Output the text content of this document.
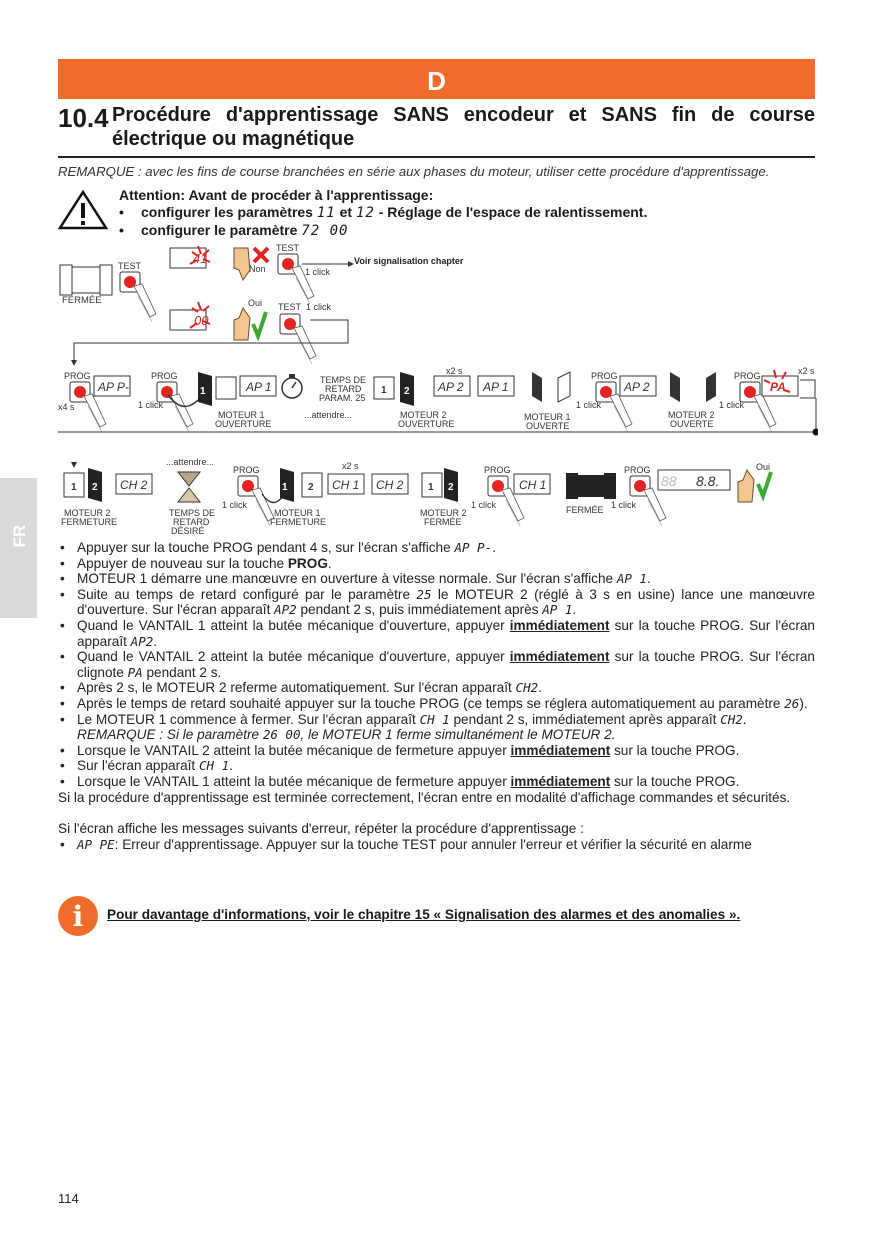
D
FR
10.4 Procédure d'apprentissage SANS encodeur et SANS fin de course électrique ou magnétique
REMARQUE : avec les fins de course branchées en série aux phases du moteur, utiliser cette procédure d'apprentissage.
Attention: Avant de procéder à l'apprentissage:
• configurer les paramètres 11 et 12 - Réglage de l'espace de ralentissement.
• configurer le paramètre 72 00
FERMÉE
TEST	41
Non
TEST
1 click
Voir signalisation chapter
00
Oui TEST 1 click
PROG
x4 s
AP P-
PROG
1 click
1	AP 1
MOTEUR 1
OUVERTURE
TEMPS DE
RETARD
PARAM. 25
...attendre...
1 2
x2 s
AP 2 AP 1
MOTEUR 2
OUVERTURE
MOTEUR 1
OUVERTE
PROG
1 click
AP 2
MOTEUR 2
OUVERTE
PROG
1 click
PA
x2 s
1 2 CH 2
MOTEUR 2
FERMETURE
...attendre...
TEMPS DE
RETARD
DÉSIRÉ
PROG
1 click
1 2
x2 s
CH 1 CH 2
MOTEUR 1
FERMETURE
1 2
MOTEUR 2
FERMÉE
PROG
1 click
CH 1
FERMÉE
PROG
1 click
88 8.8.
Oui
• Appuyer sur la touche PROG pendant 4 s, sur l'écran s'affiche AP P-.
• Appuyer de nouveau sur la touche PROG.
• MOTEUR 1 démarre une manœuvre en ouverture à vitesse normale. Sur l'écran s'affiche AP 1.
• Suite au temps de retard configuré par le paramètre 25 le MOTEUR 2 (réglé à 3 s en usine) lance une manœuvre d'ouverture. Sur l'écran apparaît AP2 pendant 2 s, puis immédiatement après AP 1.
• Quand le VANTAIL 1 atteint la butée mécanique d'ouverture, appuyer immédiatement sur la touche PROG. Sur l'écran apparaît AP2.
• Quand le VANTAIL 2 atteint la butée mécanique d'ouverture, appuyer immédiatement sur la touche PROG. Sur l'écran clignote PA pendant 2 s.
• Après 2 s, le MOTEUR 2 referme automatiquement. Sur l'écran apparaît CH2.
• Après le temps de retard souhaité appuyer sur la touche PROG (ce temps se réglera automatiquement au paramètre 26).
• Le MOTEUR 1 commence à fermer. Sur l'écran apparaît CH 1 pendant 2 s, immédiatement après apparaît CH2.
REMARQUE : Si le paramètre 26 00, le MOTEUR 1 ferme simultanément le MOTEUR 2.
• Lorsque le VANTAIL 2 atteint la butée mécanique de fermeture appuyer immédiatement sur la touche PROG.
• Sur l'écran apparaît CH 1.
• Lorsque le VANTAIL 1 atteint la butée mécanique de fermeture appuyer immédiatement sur la touche PROG.
Si la procédure d'apprentissage est terminée correctement, l'écran entre en modalité d'affichage commandes et sécurités.
Si l'écran affiche les messages suivants d'erreur, répéter la procédure d'apprentissage :
• AP PE: Erreur d'apprentissage. Appuyer sur la touche TEST pour annuler l'erreur et vérifier la sécurité en alarme
i	Pour davantage d'informations, voir le chapitre 15 « Signalisation des alarmes et des anomalies ».
114
